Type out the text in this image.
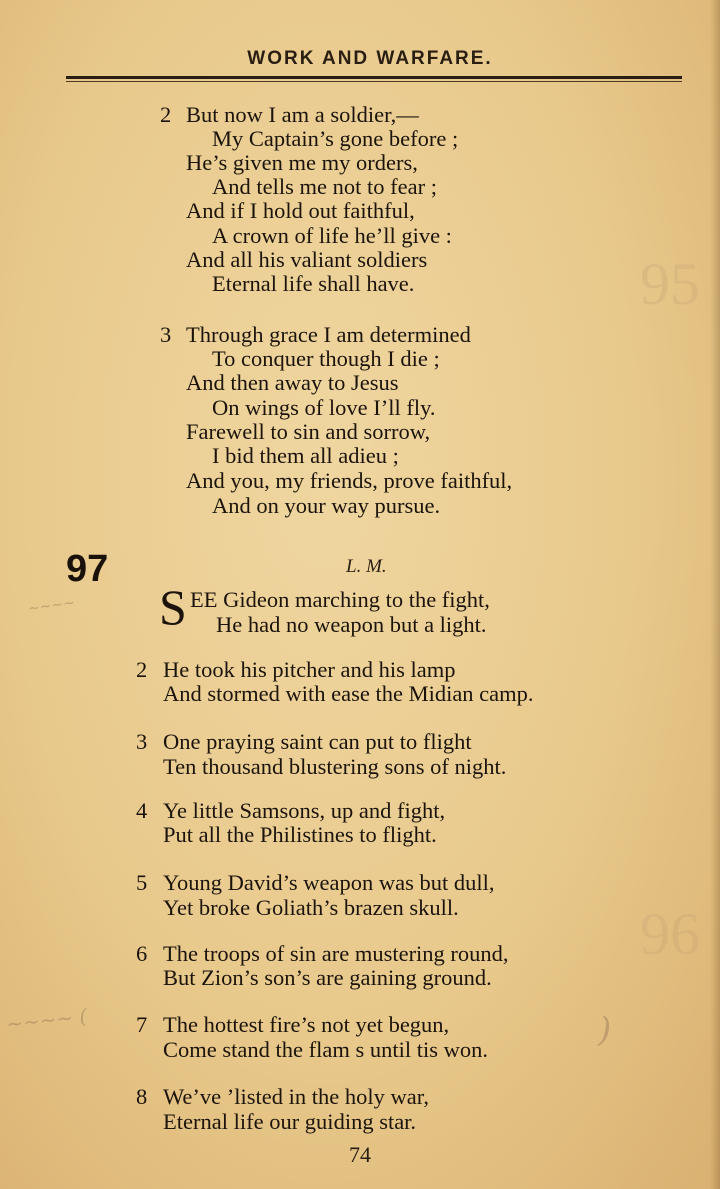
95
96
WORK AND WARFARE.
2 But now I am a soldier,—
My Captain’s gone before ;
He’s given me my orders,
And tells me not to fear ;
And if I hold out faithful,
A crown of life he’ll give :
And all his valiant soldiers
Eternal life shall have.
3 Through grace I am determined
To conquer though I die ;
And then away to Jesus
On wings of love I’ll fly.
Farewell to sin and sorrow,
I bid them all adieu ;
And you, my friends, prove faithful,
And on your way pursue.
97	L. M.
~~~~
~~~~ (	)
S EE Gideon marching to the fight,
He had no weapon but a light.
2 He took his pitcher and his lamp
And stormed with ease the Midian camp.
3 One praying saint can put to flight
Ten thousand blustering sons of night.
4 Ye little Samsons, up and fight,
Put all the Philistines to flight.
5 Young David’s weapon was but dull,
Yet broke Goliath’s brazen skull.
6 The troops of sin are mustering round,
But Zion’s son’s are gaining ground.
7 The hottest fire’s not yet begun,
Come stand the flam s until tis won.
8 We’ve ’listed in the holy war,
Eternal life our guiding star.
74
